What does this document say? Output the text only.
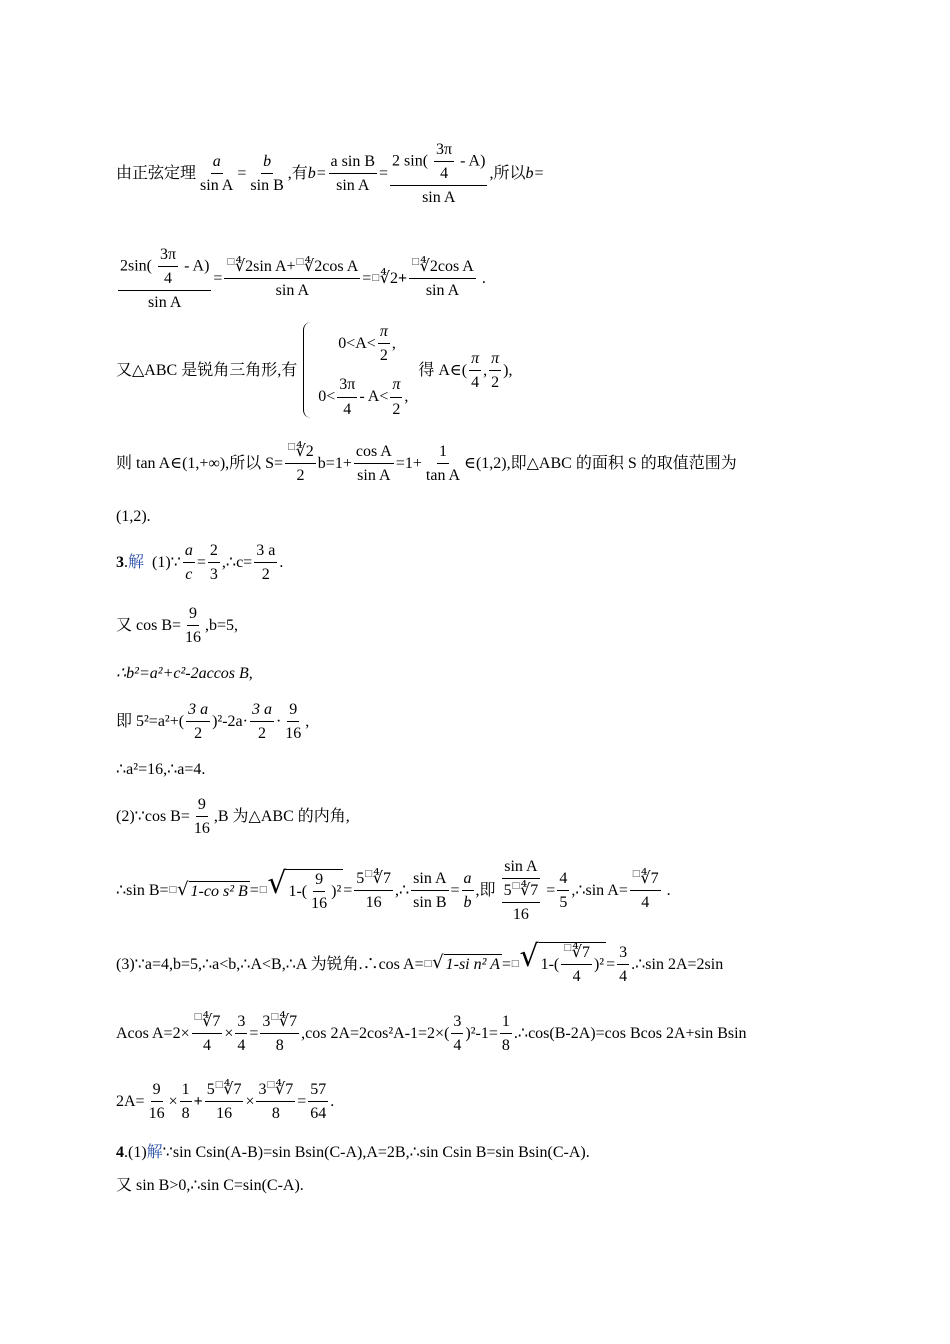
由正弦定理 $\frac{a}{\text{sin A}} = \frac{b}{\text{sin B}}$ ,有 $b= \frac{\text{a sin B}}{\text{sin A}} = \frac{2 \sin( \frac{3\pi}{4} - A)}{\text{sin A}}$ ,所以 b=
$\frac{2\sin( \frac{3\pi}{4} - A)}{\text{sin A}} = \frac{^□∜2\sin A+^□∜2\cos A}{\text{sin A}}$ = □ ∜ $2 + \frac{^□∜2\cos A}{\text{sin A}}$ .
又△ABC 是锐角三角形,有
$0<A< \frac{\pi}{2}$ ,
$0< \frac{3\pi}{4} - A< \frac{\pi}{2}$ ,
得 A∈( $\frac{\pi}{4}$ , $\frac{\pi}{2}$ ),
则 tan A∈(1,+∞),所以 $S= \frac{^□∜2}{2} b=1+ \frac{\text{cos A}}{\text{sin A}} =1+ \frac{1}{\text{tan A}}$ ∈(1,2),即△ABC 的面积 S 的取值范围为
(1,2).
3 . 解 (1)∵ $\frac{a}{c} = \frac{2}{3}$ ,∴c= $\frac{3 a}{2}$ .
又 $\cos B= \frac{9}{16} ,b=5$,
∴b²=a²+c²-2accos B,
即 $5^2=a^2+( \frac{3 a}{2} )^2-2a\cdot \frac{3 a}{2} \cdot \frac{9}{16}$ ,
∴a²=16,∴a=4.
(2)∵cos $B= \frac{9}{16} ,B$ 为△ABC 的内角,
∴sin B= □ √ 1-co s² B = □ √ $1-( \frac{9}{16} )^2 = \frac{5^□∜7}{16}$ ,∴ $\frac{\text{sin A}}{\text{sin B}} = \frac{a}{b}$ ,即 $\frac{\text{sin A}}{\frac{5^□∜7}{16}} = \frac{4}{5}$ ,∴sin $A= \frac{^□∜7}{4}$ .
(3)∵a=4,b=5,∴a<b,∴A<B,∴A 为锐角.∴cos A= □ √ 1-si n² A = □ √ $1-( \frac{^□∜7}{4} )^2 = \frac{3}{4}$ .∴sin 2A=2sin
Acos $A=2\times \frac{^□∜7}{4} \times \frac{3}{4} = \frac{3^□∜7}{8} ,\cos$ $2A=2\cos^2A-1=2\times( \frac{3}{4} )^2-1= \frac{1}{8}$ .∴cos(B-2A)=cos Bcos 2A+sin Bsin
$2A= \frac{9}{16} \times \frac{1}{8} + \frac{5^□∜7}{16} \times \frac{3^□∜7}{8} = \frac{57}{64}$ .
4 .(1) 解 ∵sin Csin(A-B)=sin Bsin(C-A),A=2B,∴sin Csin B=sin Bsin(C-A).
又 sin B>0,∴sin C=sin(C-A).
